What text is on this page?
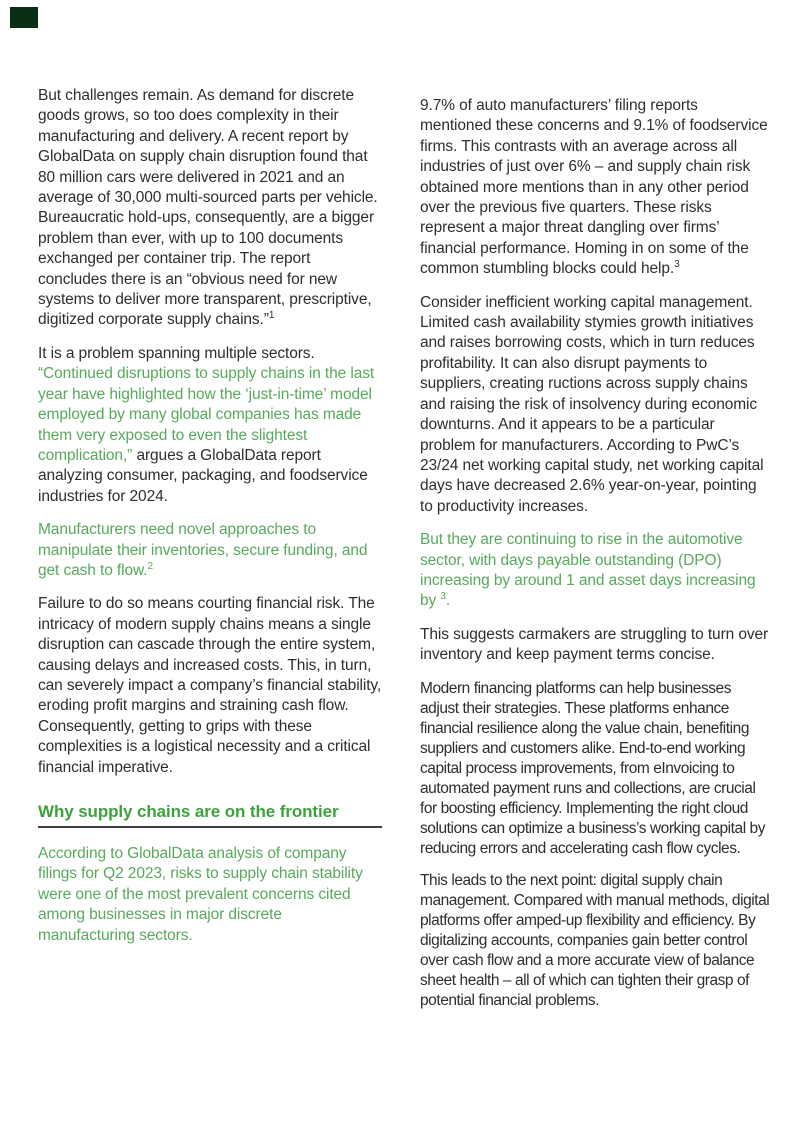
But challenges remain. As demand for discrete goods grows, so too does complexity in their manufacturing and delivery. A recent report by GlobalData on supply chain disruption found that 80 million cars were delivered in 2021 and an average of 30,000 multi-sourced parts per vehicle. Bureaucratic hold-ups, consequently, are a bigger problem than ever, with up to 100 documents exchanged per container trip. The report concludes there is an “obvious need for new systems to deliver more transparent, prescriptive, digitized corporate supply chains.”$^1$

It is a problem spanning multiple sectors. “Continued disruptions to supply chains in the last year have highlighted how the ‘just-in-time’ model employed by many global companies has made them very exposed to even the slightest complication,” argues a GlobalData report analyzing consumer, packaging, and foodservice industries for 2024.

Manufacturers need novel approaches to manipulate their inventories, secure funding, and get cash to flow.$^2$

Failure to do so means courting financial risk. The intricacy of modern supply chains means a single disruption can cascade through the entire system, causing delays and increased costs. This, in turn, can severely impact a company’s financial stability, eroding profit margins and straining cash flow. Consequently, getting to grips with these complexities is a logistical necessity and a critical financial imperative.

Why supply chains are on the frontier

According to GlobalData analysis of company filings for Q2 2023, risks to supply chain stability were one of the most prevalent concerns cited among businesses in major discrete manufacturing sectors.

9.7% of auto manufacturers’ filing reports mentioned these concerns and 9.1% of foodservice firms. This contrasts with an average across all industries of just over 6% – and supply chain risk obtained more mentions than in any other period over the previous five quarters. These risks represent a major threat dangling over firms’ financial performance. Homing in on some of the common stumbling blocks could help.$^3$

Consider inefficient working capital management. Limited cash availability stymies growth initiatives and raises borrowing costs, which in turn reduces profitability. It can also disrupt payments to suppliers, creating ructions across supply chains and raising the risk of insolvency during economic downturns. And it appears to be a particular problem for manufacturers. According to PwC’s 23/24 net working capital study, net working capital days have decreased 2.6% year-on-year, pointing to productivity increases.

But they are continuing to rise in the automotive sector, with days payable outstanding (DPO) increasing by around 1 and asset days increasing by $^3$.

This suggests carmakers are struggling to turn over inventory and keep payment terms concise.

Modern financing platforms can help businesses adjust their strategies. These platforms enhance financial resilience along the value chain, benefiting suppliers and customers alike. End-to-end working capital process improvements, from eInvoicing to automated payment runs and collections, are crucial for boosting efficiency. Implementing the right cloud solutions can optimize a business’s working capital by reducing errors and accelerating cash flow cycles.

This leads to the next point: digital supply chain management. Compared with manual methods, digital platforms offer amped-up flexibility and efficiency. By digitalizing accounts, companies gain better control over cash flow and a more accurate view of balance sheet health – all of which can tighten their grasp of potential financial problems.
